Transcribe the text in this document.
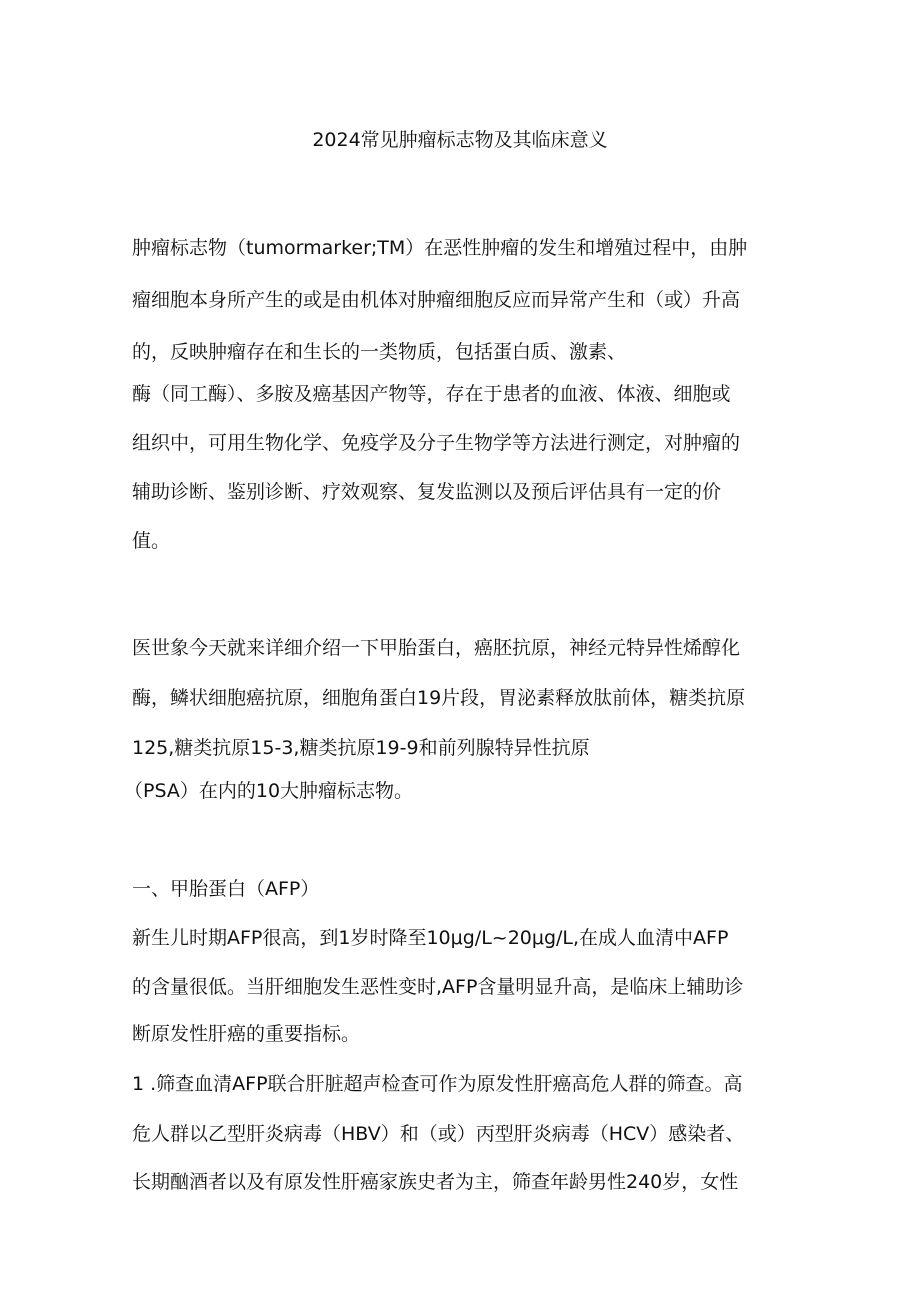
2024常见肿瘤标志物及其临床意义
肿瘤标志物（tumormarker;TM）在恶性肿瘤的发生和增殖过程中，由肿
瘤细胞本身所产生的或是由机体对肿瘤细胞反应而异常产生和（或）升高
的，反映肿瘤存在和生长的一类物质，包括蛋白质、激素、
酶（同工酶）、多胺及癌基因产物等，存在于患者的血液、体液、细胞或
组织中，可用生物化学、免疫学及分子生物学等方法进行测定，对肿瘤的
辅助诊断、鉴别诊断、疗效观察、复发监测以及预后评估具有一定的价
值。
医世象今天就来详细介绍一下甲胎蛋白，癌胚抗原，神经元特异性烯醇化
酶，鳞状细胞癌抗原，细胞角蛋白19片段，胃泌素释放肽前体，糖类抗原
125,糖类抗原15-3,糖类抗原19-9和前列腺特异性抗原
（PSA）在内的10大肿瘤标志物。
一、甲胎蛋白（AFP）
新生儿时期AFP很高，到1岁时降至10μg/L~20μg/L,在成人血清中AFP
的含量很低。当肝细胞发生恶性变时,AFP含量明显升高，是临床上辅助诊
断原发性肝癌的重要指标。
1 .筛查血清AFP联合肝脏超声检查可作为原发性肝癌高危人群的筛查。高
危人群以乙型肝炎病毒（HBV）和（或）丙型肝炎病毒（HCV）感染者、
长期酗酒者以及有原发性肝癌家族史者为主，筛查年龄男性240岁，女性
